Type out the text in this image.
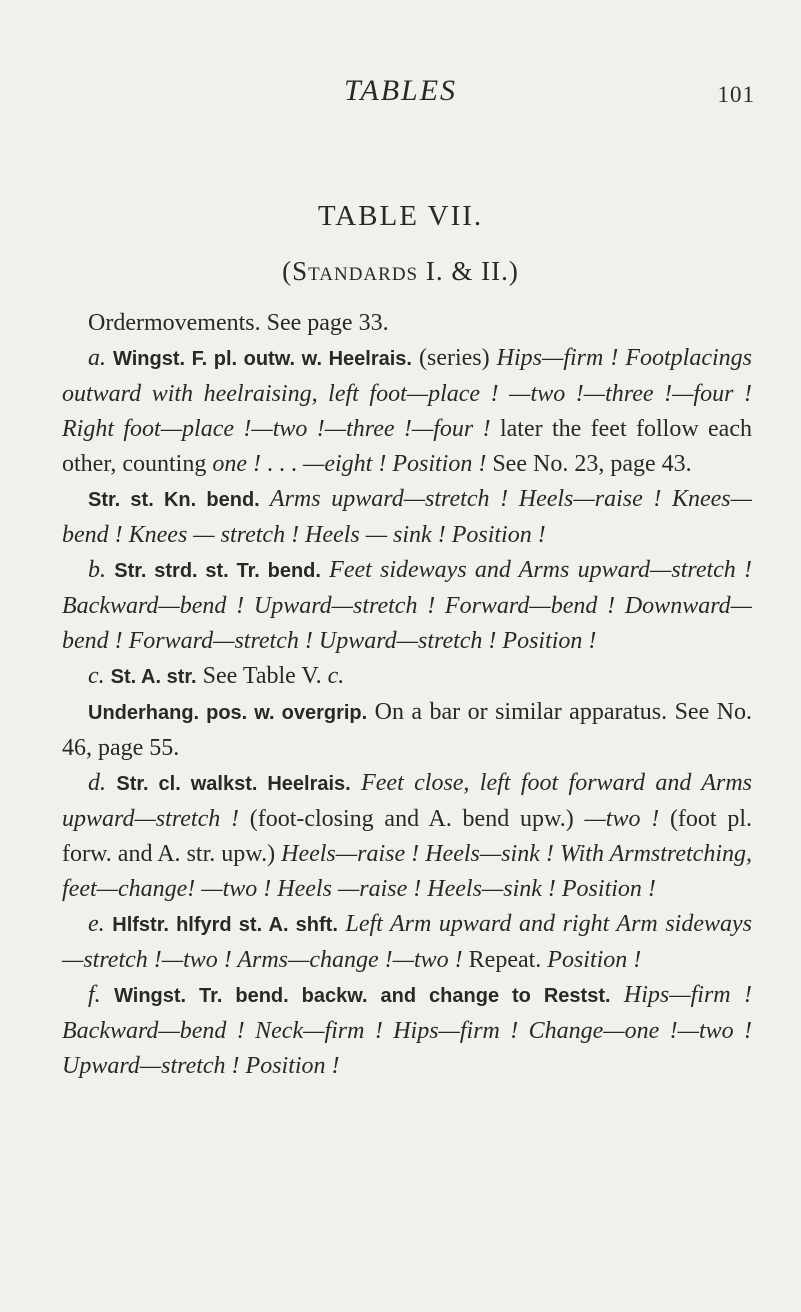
TABLES	101
TABLE VII.
(Standards I. & II.)

Ordermovements. See page 33.

a. Wingst. F. pl. outw. w. Heelrais. (series) Hips—firm ! Footplacings outward with heelraising, left foot—place ! —two !—three !—four ! Right foot—place !—two !—three !—four ! later the feet follow each other, counting one ! . . . —eight ! Position ! See No. 23, page 43.

Str. st. Kn. bend. Arms upward—stretch ! Heels—raise ! Knees—bend ! Knees — stretch ! Heels — sink ! Position !

b. Str. strd. st. Tr. bend. Feet sideways and Arms upward—stretch ! Backward—bend ! Upward—stretch ! Forward—bend ! Downward—bend ! Forward—stretch ! Upward—stretch ! Position !

c. St. A. str. See Table V. c.

Underhang. pos. w. overgrip. On a bar or similar apparatus. See No. 46, page 55.

d. Str. cl. walkst. Heelrais. Feet close, left foot forward and Arms upward—stretch ! (foot-closing and A. bend upw.) —two ! (foot pl. forw. and A. str. upw.) Heels—raise ! Heels—sink ! With Armstretching, feet—change! —two ! Heels —raise ! Heels—sink ! Position !

e. Hlfstr. hlfyrd st. A. shft. Left Arm upward and right Arm sideways—stretch !—two ! Arms—change !—two ! Repeat. Position !

f. Wingst. Tr. bend. backw. and change to Restst. Hips—firm ! Backward—bend ! Neck—firm ! Hips—firm ! Change—one !—two ! Upward—stretch ! Position !
